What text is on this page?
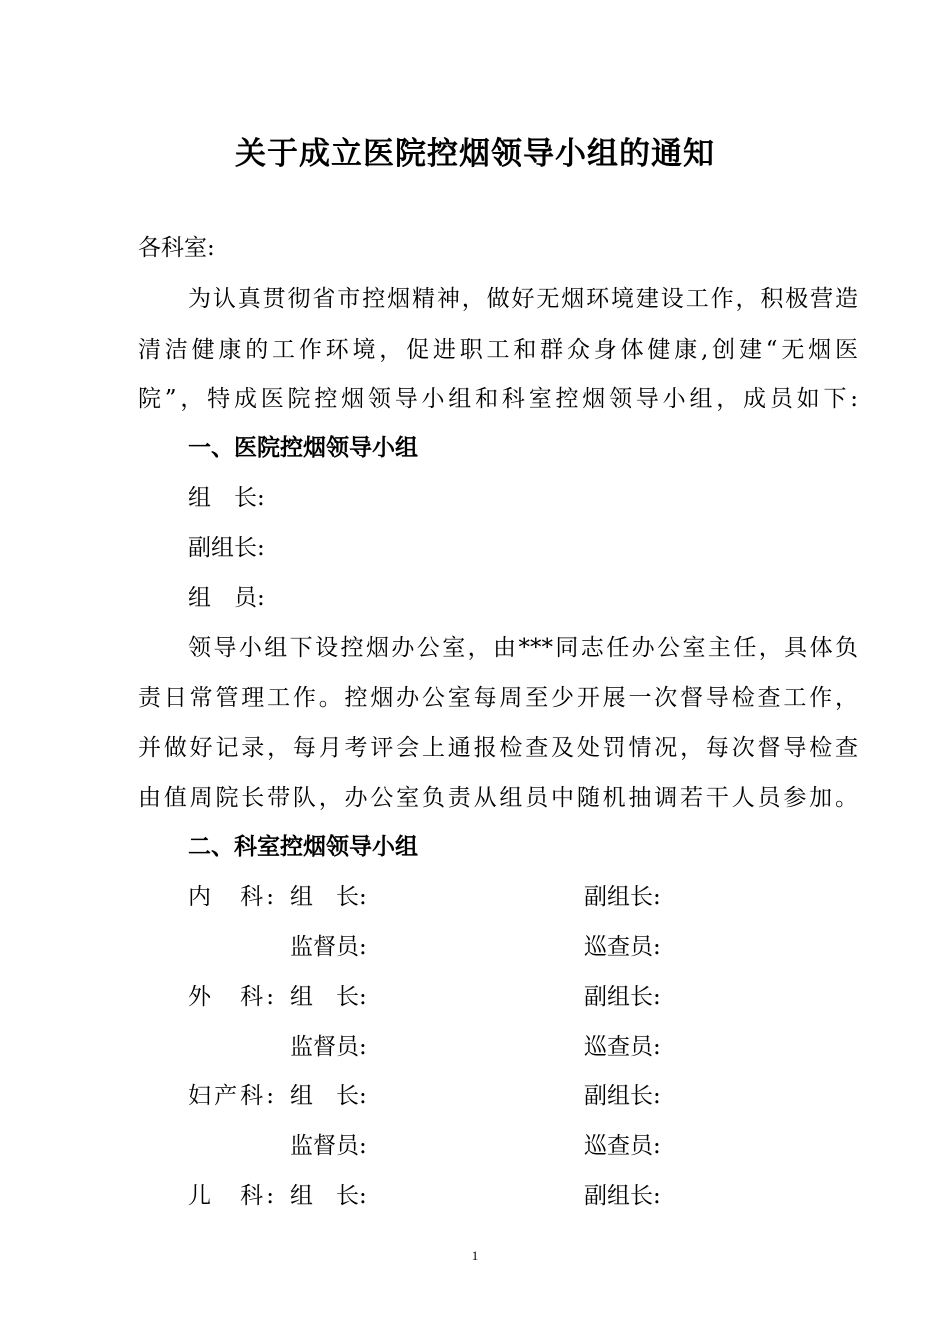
关于成立医院控烟领导小组的通知
各科室:
为认真贯彻省市控烟精神，做好无烟环境建设工作，积极营造
清洁健康的工作环境，促进职工和群众身体健康,创建“无烟医
院”，特成医院控烟领导小组和科室控烟领导小组，成员如下:
一、医院控烟领导小组
组　长:
副组长:
组　员:
领导小组下设控烟办公室，由***同志任办公室主任，具体负
责日常管理工作。控烟办公室每周至少开展一次督导检查工作，
并做好记录，每月考评会上通报检查及处罚情况，每次督导检查
由值周院长带队，办公室负责从组员中随机抽调若干人员参加。
二、科室控烟领导小组
内　科: 组　长:	副组长:
监督员:	巡查员:
外　科: 组　长:	副组长:
监督员:	巡查员:
妇产科: 组　长:	副组长:
监督员:	巡查员:
儿　科: 组　长:	副组长:
1
